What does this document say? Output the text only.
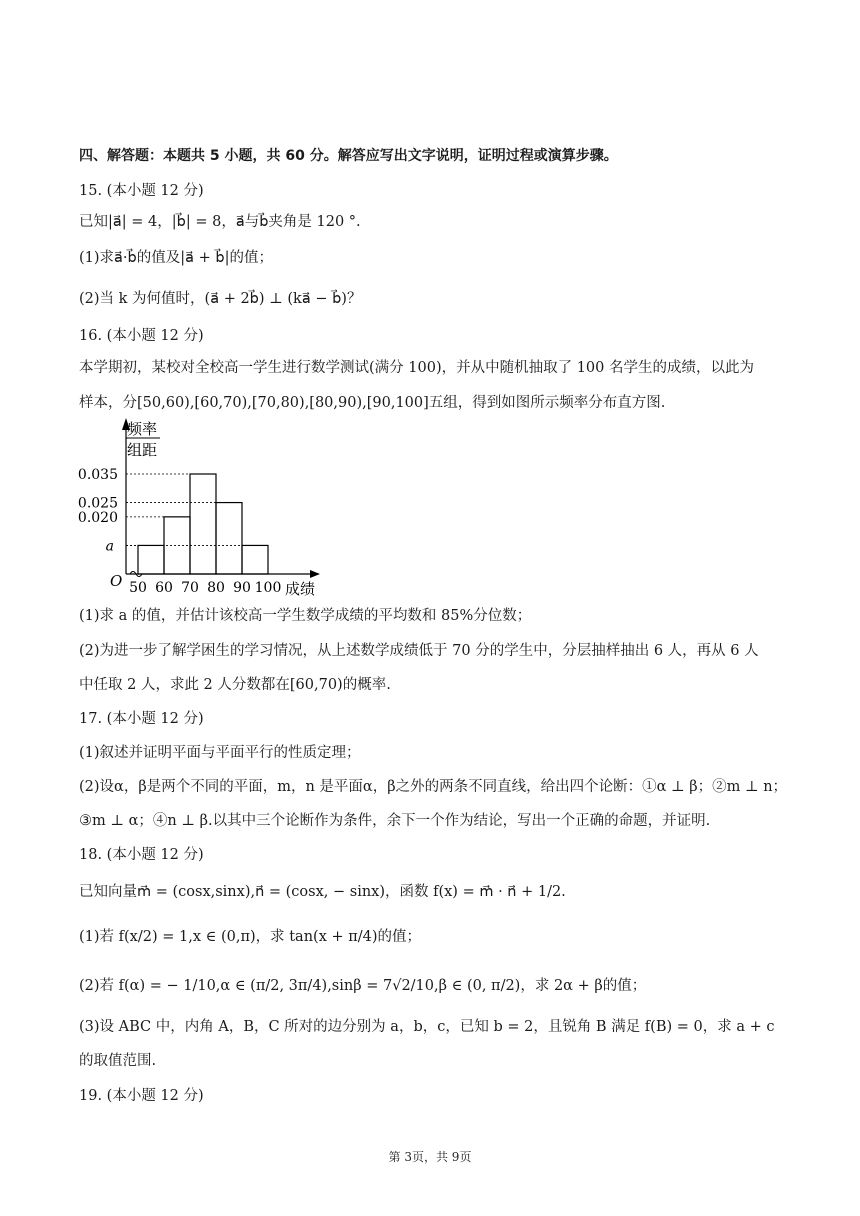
四、解答题：本题共 5 小题，共 60 分。解答应写出文字说明，证明过程或演算步骤。
15. (本小题 12 分)
已知|a⃗| = 4，|b⃗| = 8，a⃗与b⃗夹角是 120 °.
(1)求a⃗·b⃗的值及|a⃗ + b⃗|的值；
(2)当 k 为何值时，(a⃗ + 2b⃗) ⊥ (ka⃗ − b⃗)？
16. (本小题 12 分)
本学期初，某校对全校高一学生进行数学测试(满分 100)，并从中随机抽取了 100 名学生的成绩，以此为
样本，分[50,60),[60,70),[70,80),[80,90),[90,100]五组，得到如图所示频率分布直方图.
频率
组距
0.035
0.025
0.020
a
O 50 60 70 80 90 100 成绩
(1)求 a 的值，并估计该校高一学生数学成绩的平均数和 85%分位数；
(2)为进一步了解学困生的学习情况，从上述数学成绩低于 70 分的学生中，分层抽样抽出 6 人，再从 6 人
中任取 2 人，求此 2 人分数都在[60,70)的概率.
17. (本小题 12 分)
(1)叙述并证明平面与平面平行的性质定理；
(2)设α，β是两个不同的平面，m，n 是平面α，β之外的两条不同直线，给出四个论断：①α ⊥ β；②m ⊥ n；
③m ⊥ α；④n ⊥ β.以其中三个论断作为条件，余下一个作为结论，写出一个正确的命题，并证明.
18. (本小题 12 分)
已知向量m⃗ = (cosx,sinx),n⃗ = (cosx, − sinx)，函数 f(x) = m⃗ · n⃗ + 1/2.
(1)若 f(x/2) = 1,x ∈ (0,π)，求 tan(x + π/4)的值；
(2)若 f(α) = − 1/10,α ∈ (π/2, 3π/4),sinβ = 7√2/10,β ∈ (0, π/2)，求 2α + β的值；
(3)设 ABC 中，内角 A，B，C 所对的边分别为 a，b，c，已知 b = 2，且锐角 B 满足 f(B) = 0，求 a + c
的取值范围.
19. (本小题 12 分)
第 3页，共 9页
